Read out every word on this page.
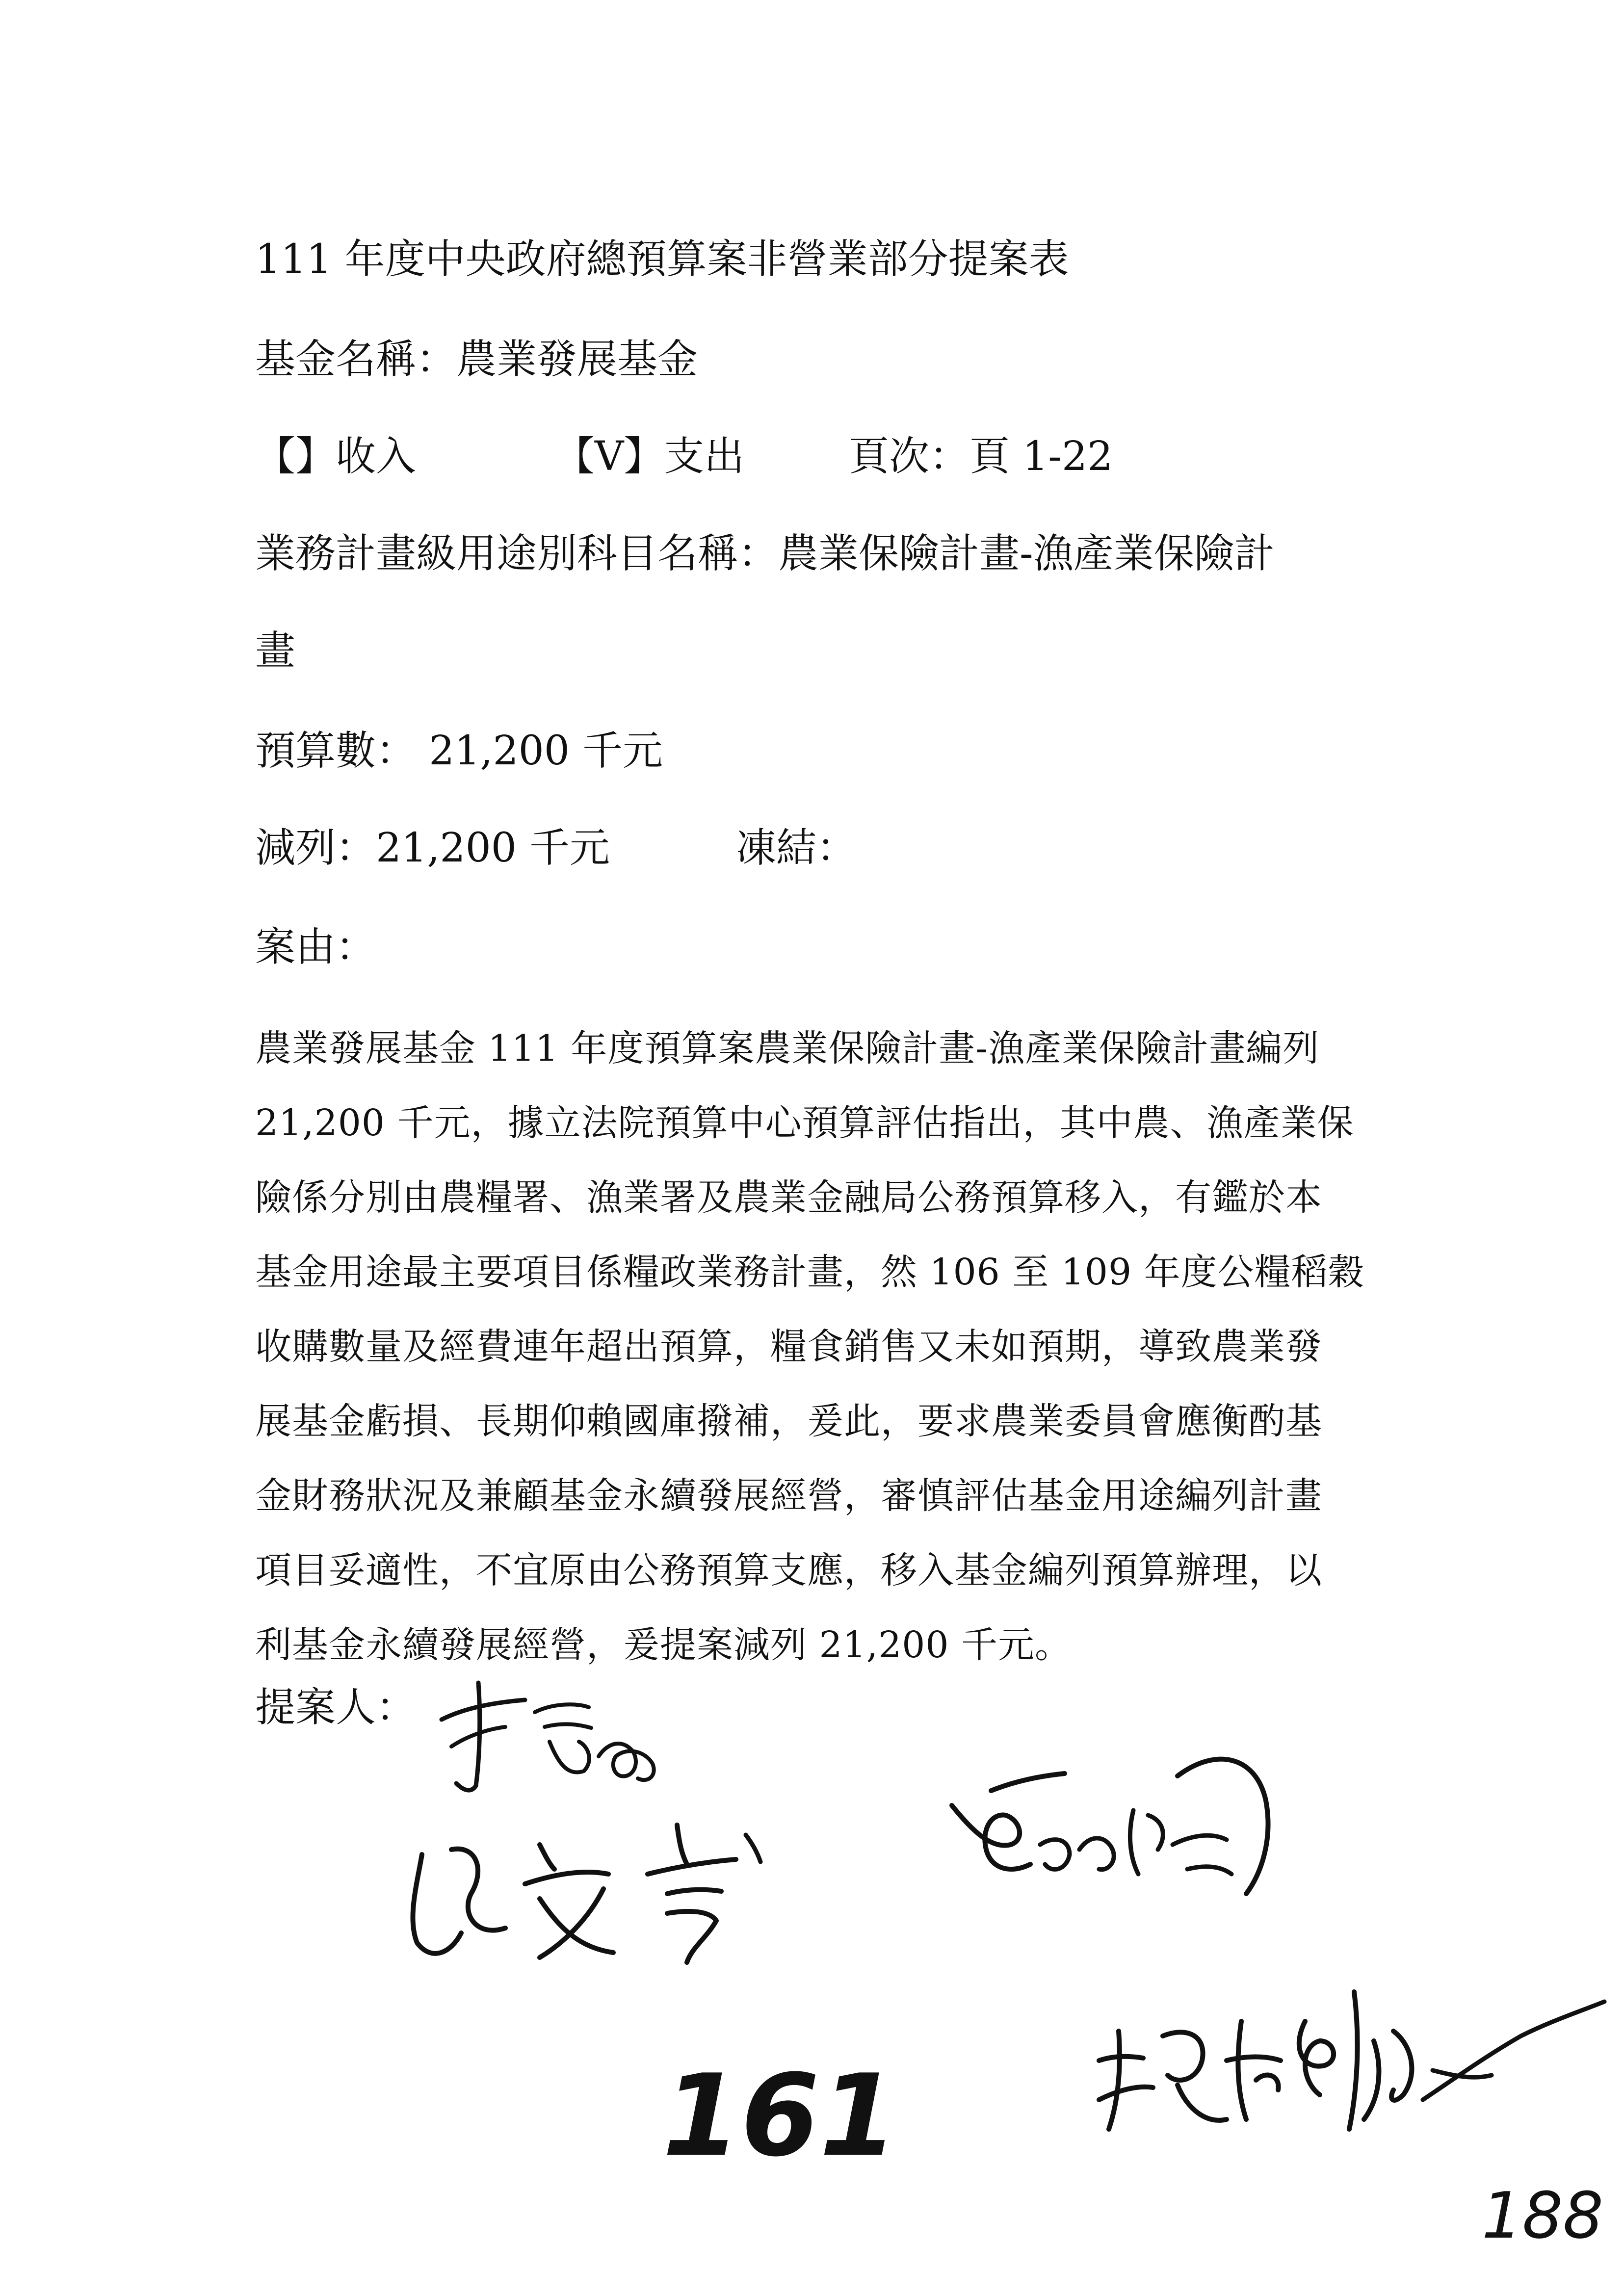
111 年度中央政府總預算案非營業部分提案表
基金名稱：農業發展基金
【】收入	【V】支出	頁次：頁 1-22
業務計畫級用途別科目名稱：農業保險計畫-漁產業保險計
畫
預算數： 21,200 千元
減列：21,200 千元	凍結：
案由：
農業發展基金 111 年度預算案農業保險計畫-漁產業保險計畫編列
21,200 千元，據立法院預算中心預算評估指出，其中農、漁產業保
險係分別由農糧署、漁業署及農業金融局公務預算移入，有鑑於本
基金用途最主要項目係糧政業務計畫，然 106 至 109 年度公糧稻穀
收購數量及經費連年超出預算，糧食銷售又未如預期，導致農業發
展基金虧損、長期仰賴國庫撥補，爰此，要求農業委員會應衡酌基
金財務狀況及兼顧基金永續發展經營，審慎評估基金用途編列計畫
項目妥適性，不宜原由公務預算支應，移入基金編列預算辦理，以
利基金永續發展經營，爰提案減列 21,200 千元。
提案人：
161
188
